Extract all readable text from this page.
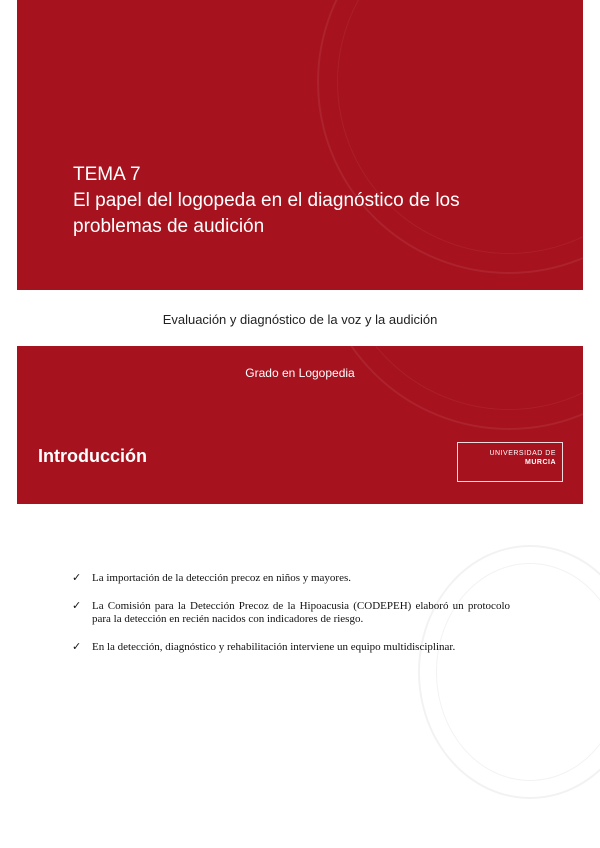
TEMA 7
El papel del logopeda en el diagnóstico de los
problemas de audición
Evaluación y diagnóstico de la voz y la audición
Grado en Logopedia
Introducción	UNIVERSIDAD DE
MURCIA
✓ La importación de la detección precoz en niños y mayores.
✓ La Comisión para la Detección Precoz de la Hipoacusia (CODEPEH) elaboró un protocolo para la detección en recién nacidos con indicadores de riesgo.
✓ En la detección, diagnóstico y rehabilitación interviene un equipo multidisciplinar.
